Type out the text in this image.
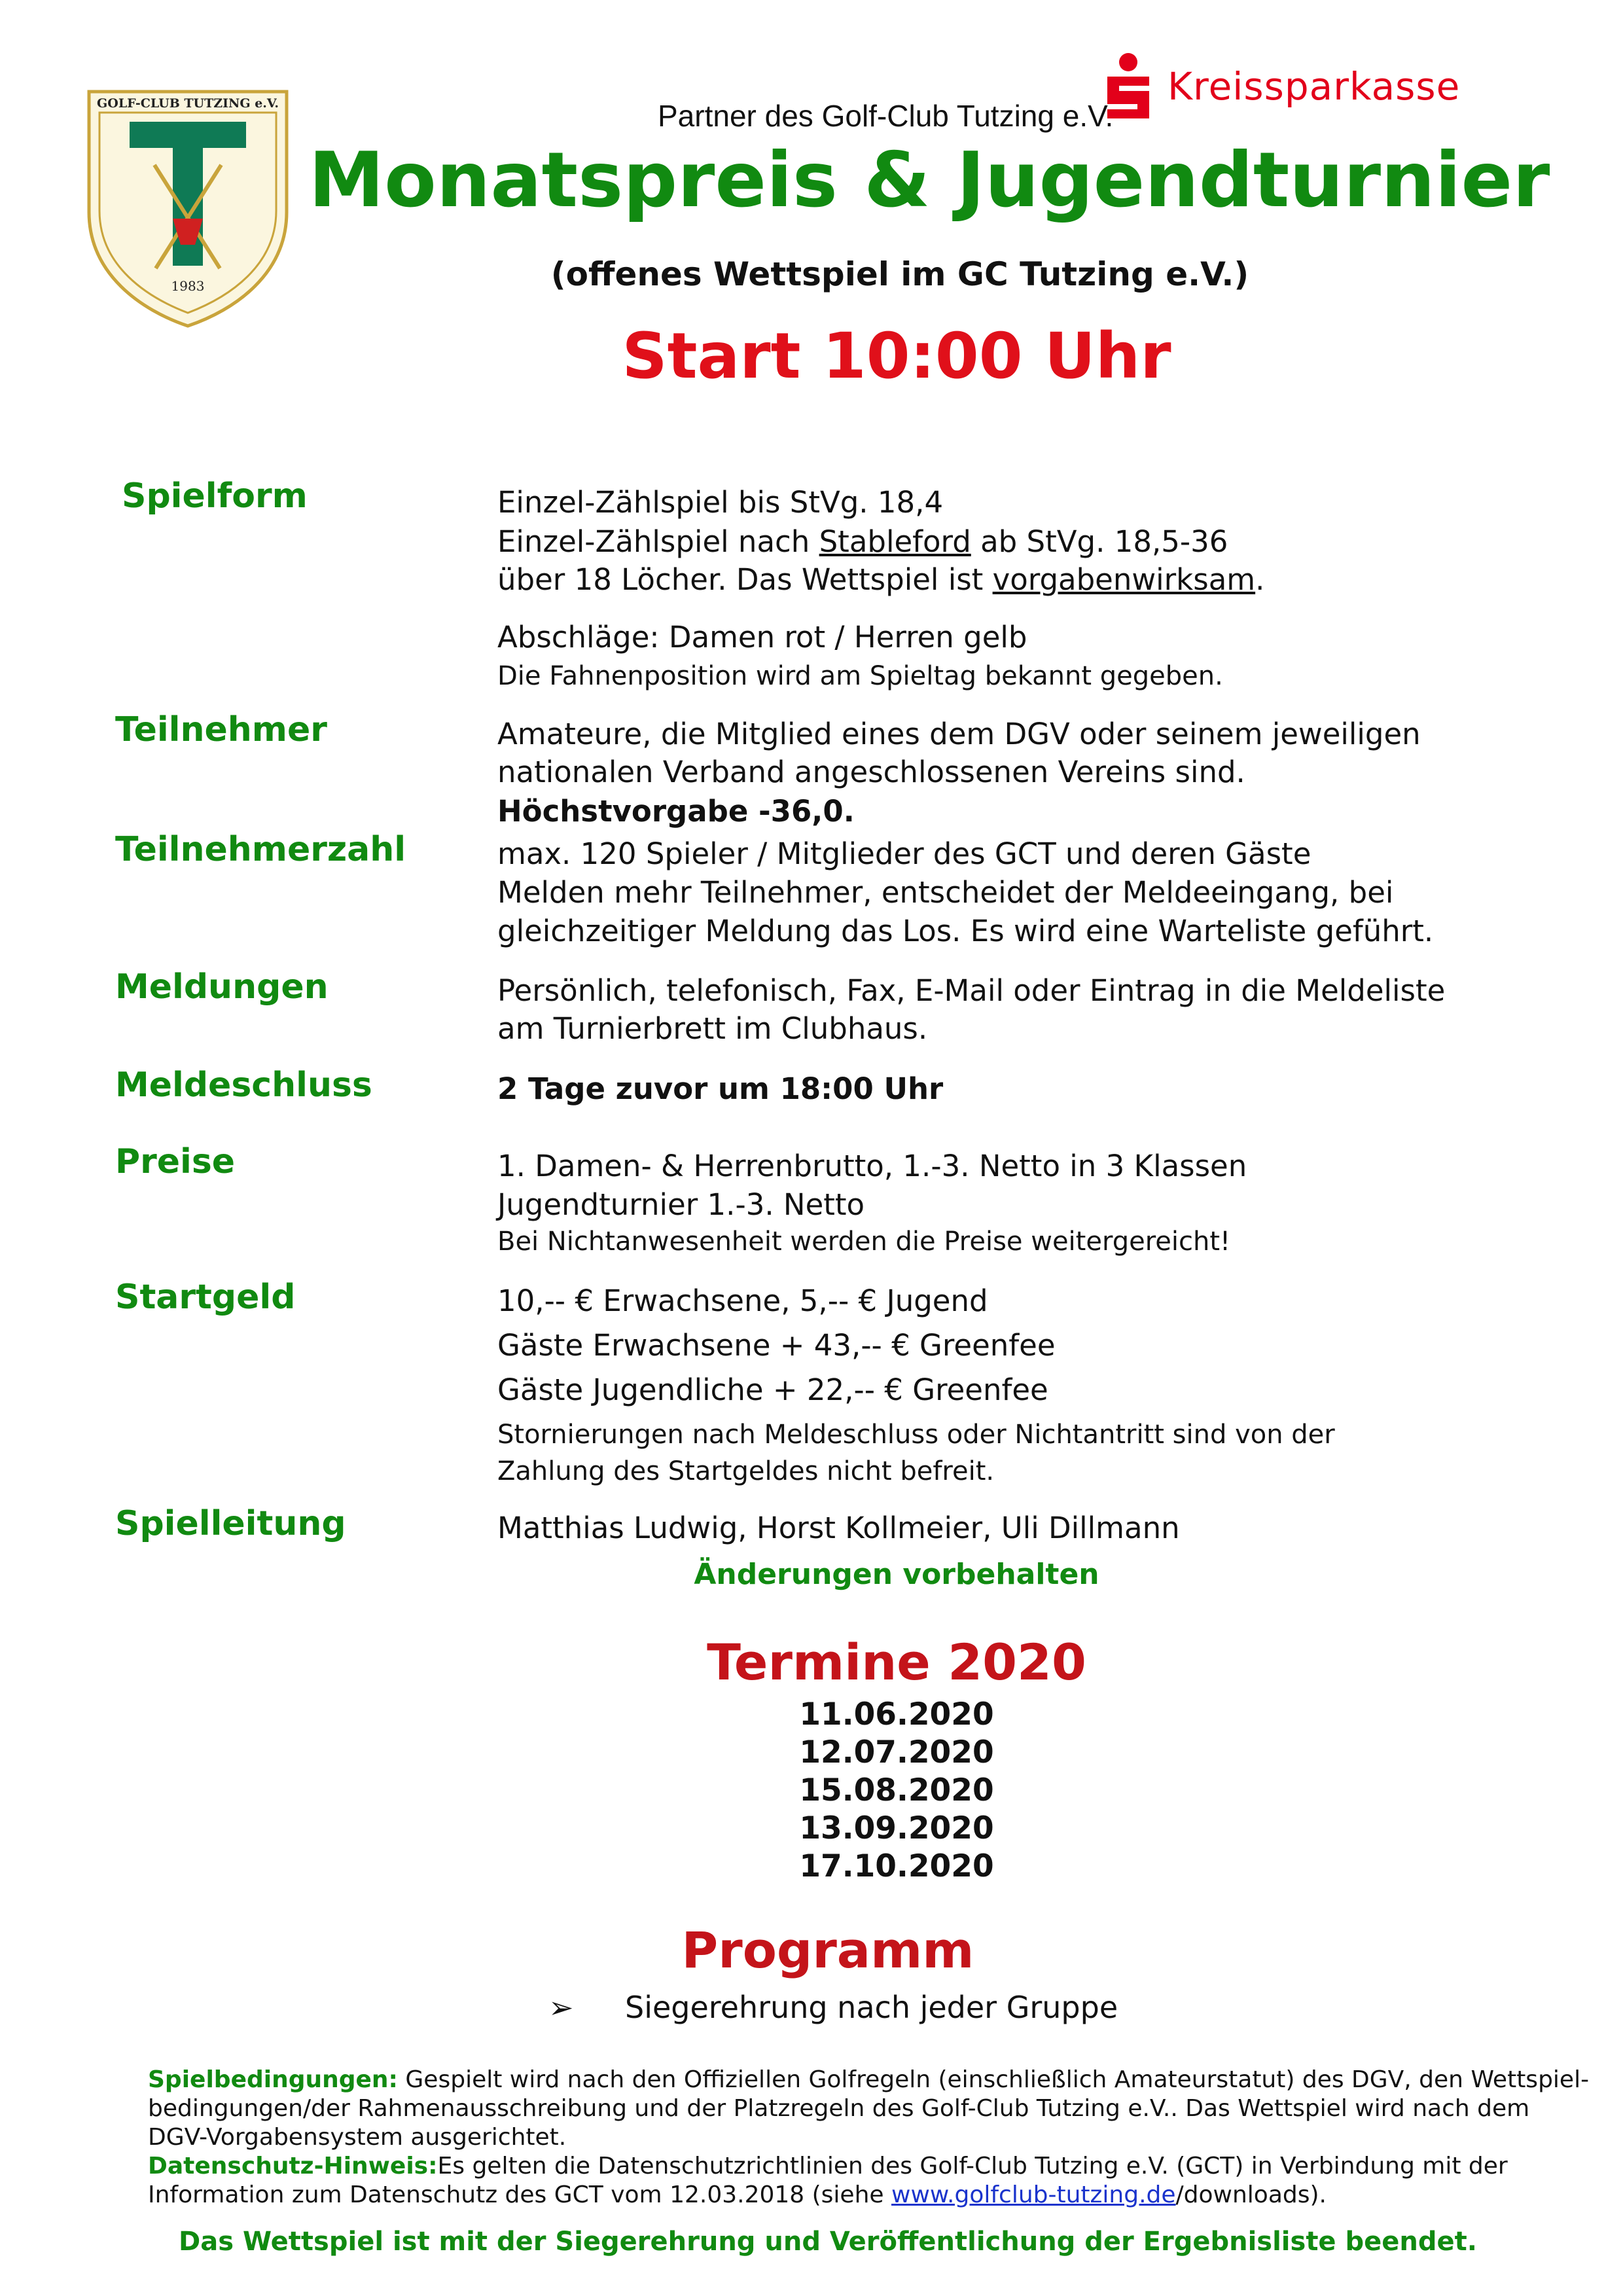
GOLF-CLUB TUTZING e.V.
1983
Kreissparkasse
Partner des Golf-Club Tutzing e.V.
Monatspreis & Jugendturnier
(offenes Wettspiel im GC Tutzing e.V.)
Start 10:00 Uhr
Spielform	Einzel-Zählspiel bis StVg. 18,4
Einzel-Zählspiel nach Stableford ab StVg. 18,5-36
über 18 Löcher. Das Wettspiel ist vorgabenwirksam.
Abschläge: Damen rot / Herren gelb
Die Fahnenposition wird am Spieltag bekannt gegeben.
Teilnehmer	Amateure, die Mitglied eines dem DGV oder seinem jeweiligen
nationalen Verband angeschlossenen Vereins sind.
Höchstvorgabe -36,0.
Teilnehmerzahl	max. 120 Spieler / Mitglieder des GCT und deren Gäste
Melden mehr Teilnehmer, entscheidet der Meldeeingang, bei
gleichzeitiger Meldung das Los. Es wird eine Warteliste geführt.
Meldungen	Persönlich, telefonisch, Fax, E-Mail oder Eintrag in die Meldeliste
am Turnierbrett im Clubhaus.
Meldeschluss	2 Tage zuvor um 18:00 Uhr
Preise	1. Damen- & Herrenbrutto, 1.-3. Netto in 3 Klassen
Jugendturnier 1.-3. Netto
Bei Nichtanwesenheit werden die Preise weitergereicht!
Startgeld	10,-- € Erwachsene, 5,-- € Jugend
Gäste Erwachsene + 43,-- € Greenfee
Gäste Jugendliche + 22,-- € Greenfee
Stornierungen nach Meldeschluss oder Nichtantritt sind von der
Zahlung des Startgeldes nicht befreit.
Spielleitung	Matthias Ludwig, Horst Kollmeier, Uli Dillmann
Änderungen vorbehalten
Termine 2020
11.06.2020
12.07.2020
15.08.2020
13.09.2020
17.10.2020
Programm
➢ Siegerehrung nach jeder Gruppe
Spielbedingungen: Gespielt wird nach den Offiziellen Golfregeln (einschließlich Amateurstatut) des DGV, den Wettspiel-
bedingungen/der Rahmenausschreibung und der Platzregeln des Golf-Club Tutzing e.V.. Das Wettspiel wird nach dem
DGV-Vorgabensystem ausgerichtet.
Datenschutz-Hinweis:Es gelten die Datenschutzrichtlinien des Golf-Club Tutzing e.V. (GCT) in Verbindung mit der
Information zum Datenschutz des GCT vom 12.03.2018 (siehe www.golfclub-tutzing.de/downloads).
Das Wettspiel ist mit der Siegerehrung und Veröffentlichung der Ergebnisliste beendet.
